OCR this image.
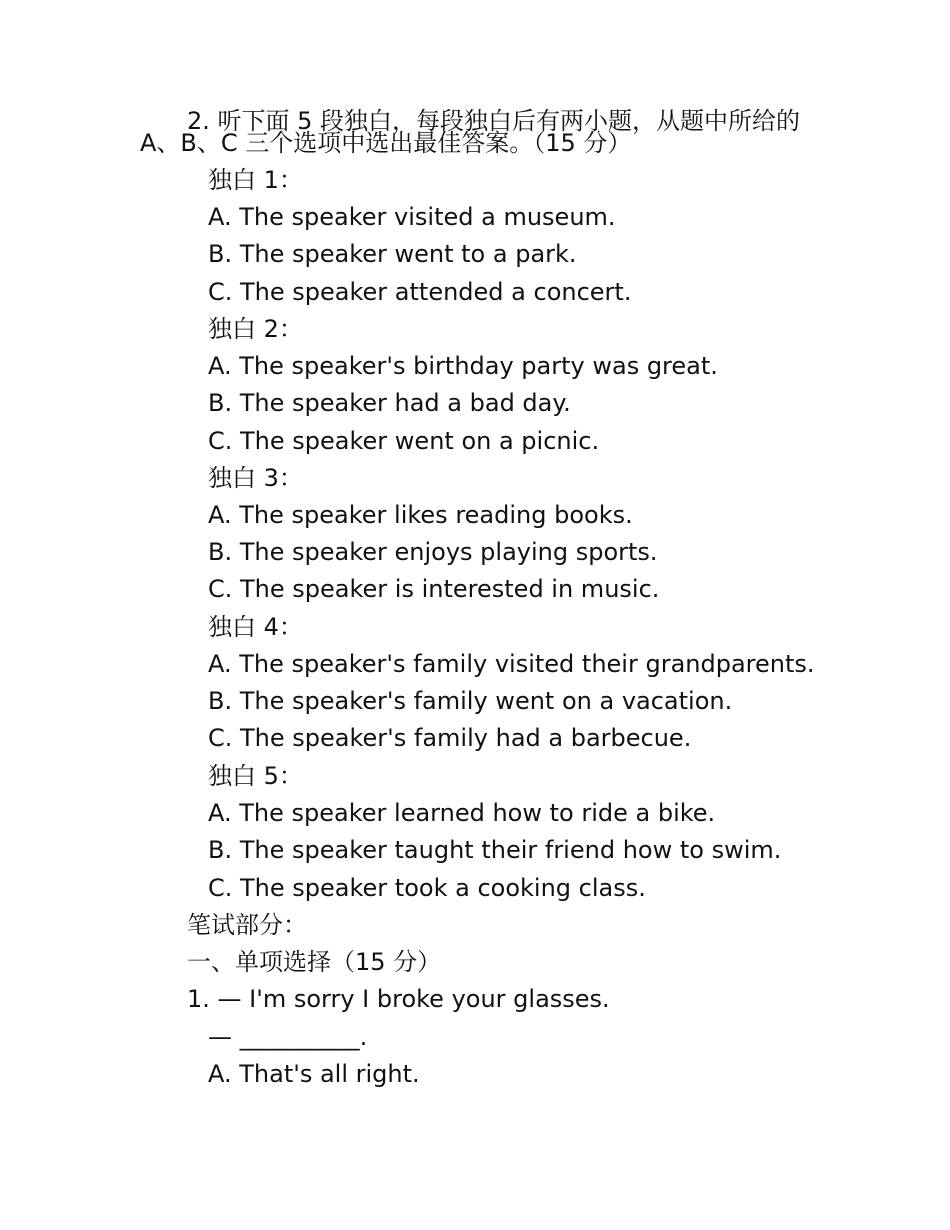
2. 听下面 5 段独白，每段独白后有两小题，从题中所给的
A、B、C 三个选项中选出最佳答案。（15 分）
独白 1：
A. The speaker visited a museum.
B. The speaker went to a park.
C. The speaker attended a concert.
独白 2：
A. The speaker's birthday party was great.
B. The speaker had a bad day.
C. The speaker went on a picnic.
独白 3：
A. The speaker likes reading books.
B. The speaker enjoys playing sports.
C. The speaker is interested in music.
独白 4：
A. The speaker's family visited their grandparents.
B. The speaker's family went on a vacation.
C. The speaker's family had a barbecue.
独白 5：
A. The speaker learned how to ride a bike.
B. The speaker taught their friend how to swim.
C. The speaker took a cooking class.
笔试部分：
一、单项选择（15 分）
1. — I'm sorry I broke your glasses.
— __________.
A. That's all right.
